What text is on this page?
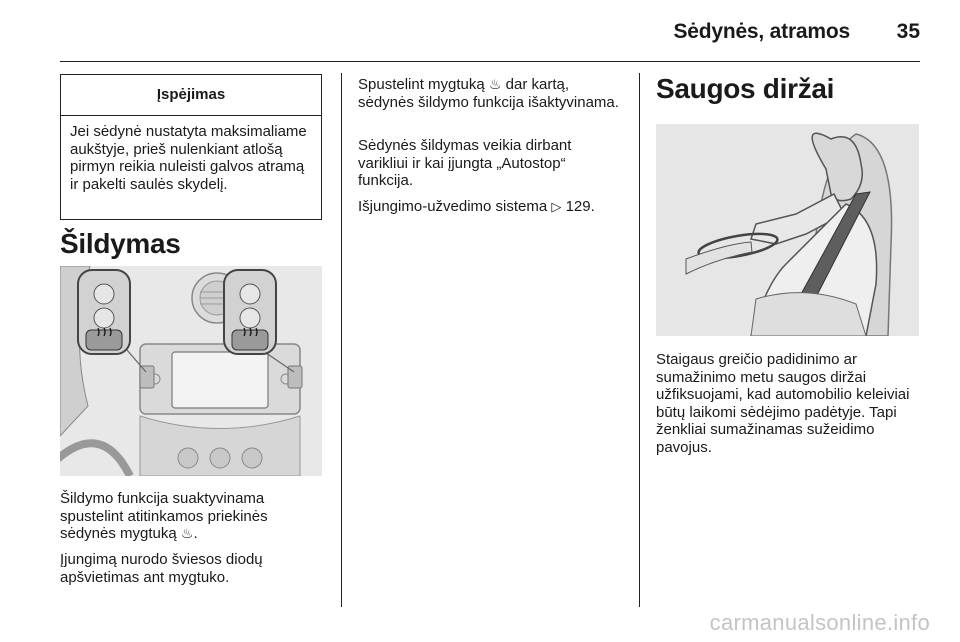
Sėdynės, atramos	35
Įspėjimas
Jei sėdynė nustatyta maksimaliame aukštyje, prieš nulenkiant atlošą pirmyn reikia nuleisti galvos atramą ir pakelti saulės skydelį.
Šildymas
Šildymo funkcija suaktyvinama spustelint atitinkamos priekinės sėdynės mygtuką ♨.
Įjungimą nurodo šviesos diodų apšvietimas ant mygtuko.
Spustelint mygtuką ♨ dar kartą, sėdynės šildymo funkcija išaktyvinama.
Sėdynės šildymas veikia dirbant varikliui ir kai įjungta „Autostop“ funkcija.
Išjungimo-užvedimo sistema ▷ 129.
Saugos diržai
Staigaus greičio padidinimo ar sumažinimo metu saugos diržai užfiksuojami, kad automobilio keleiviai būtų laikomi sėdėjimo padėtyje. Tapi ženkliai sumažinamas sužeidimo pavojus.
carmanualsonline.info
